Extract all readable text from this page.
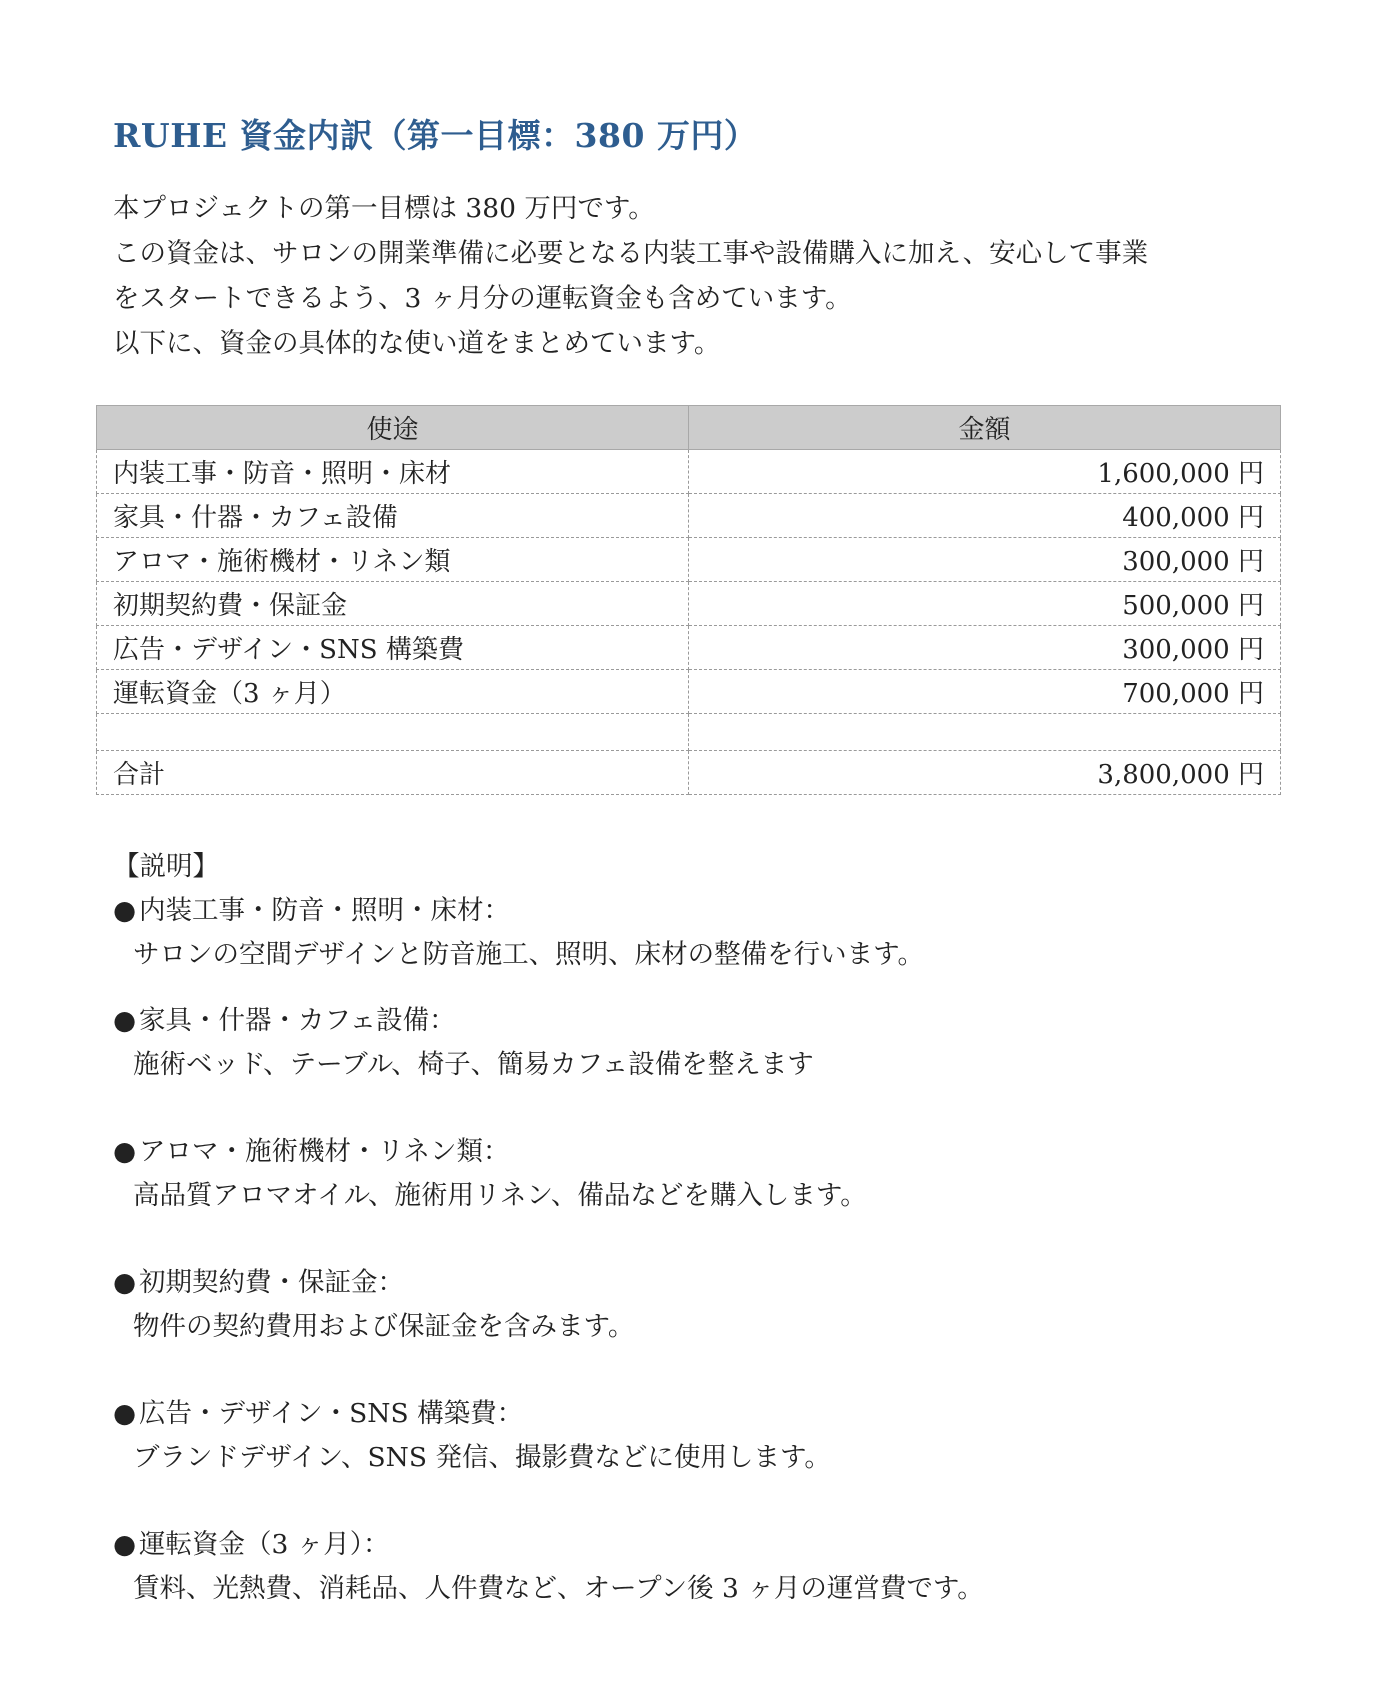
RUHE 資金内訳（第一目標：380 万円）

本プロジェクトの第一目標は 380 万円です。

この資金は、サロンの開業準備に必要となる内装工事や設備購入に加え、安心して事業

をスタートできるよう、3 ヶ月分の運転資金も含めています。

以下に、資金の具体的な使い道をまとめています。

使途	金額
内装工事・防音・照明・床材	1,600,000 円
家具・什器・カフェ設備	400,000 円
アロマ・施術機材・リネン類	300,000 円
初期契約費・保証金	500,000 円
広告・デザイン・SNS 構築費	300,000 円
運転資金（3 ヶ月）	700,000 円

合計	3,800,000 円

【説明】

● 内装工事・防音・照明・床材：
サロンの空間デザインと防音施工、照明、床材の整備を行います。
● 家具・什器・カフェ設備：
施術ベッド、テーブル、椅子、簡易カフェ設備を整えます
● アロマ・施術機材・リネン類：
高品質アロマオイル、施術用リネン、備品などを購入します。
● 初期契約費・保証金：
物件の契約費用および保証金を含みます。
● 広告・デザイン・SNS 構築費：
ブランドデザイン、SNS 発信、撮影費などに使用します。
● 運転資金（3 ヶ月）：
賃料、光熱費、消耗品、人件費など、オープン後 3 ヶ月の運営費です。
